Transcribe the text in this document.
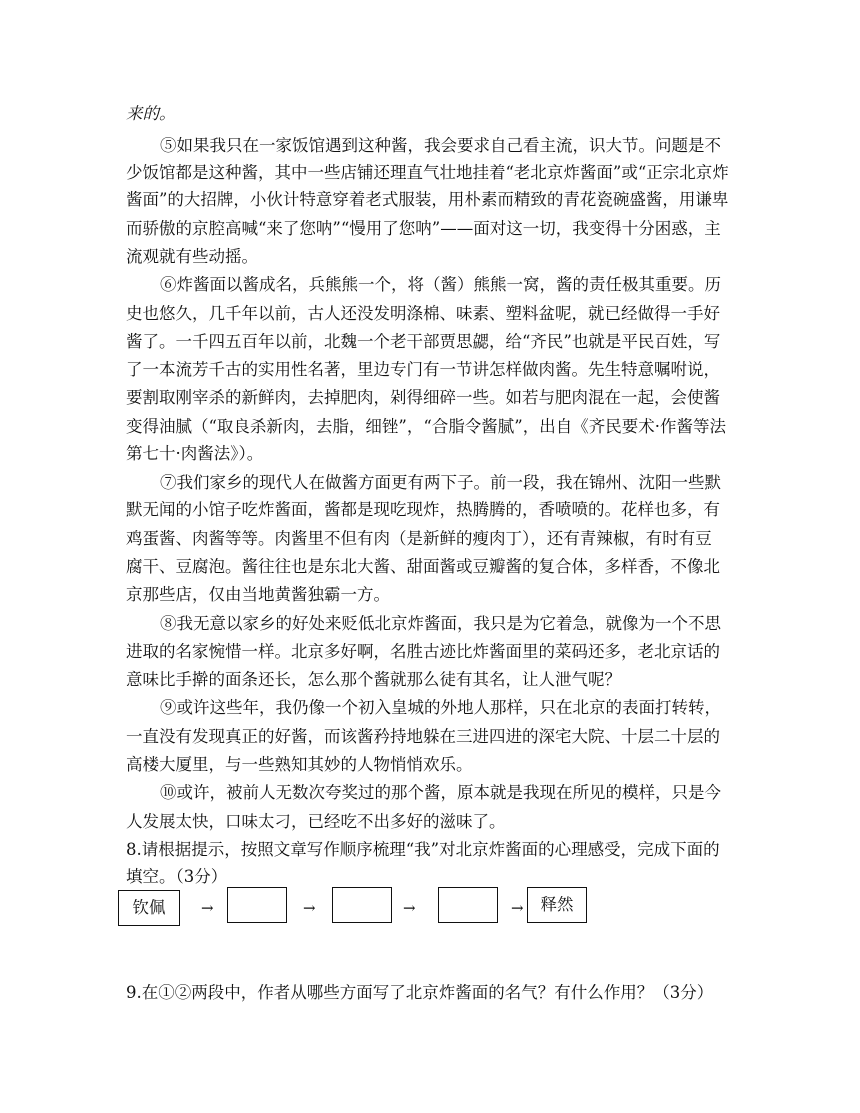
来的。
⑤如果我只在一家饭馆遇到这种酱，我会要求自己看主流，识大节。问题是不
少饭馆都是这种酱，其中一些店铺还理直气壮地挂着“老北京炸酱面”或“正宗北京炸
酱面”的大招牌，小伙计特意穿着老式服装，用朴素而精致的青花瓷碗盛酱，用谦卑
而骄傲的京腔高喊“来了您呐”“慢用了您呐”——面对这一切，我变得十分困惑，主
流观就有些动摇。
⑥炸酱面以酱成名，兵熊熊一个，将（酱）熊熊一窝，酱的责任极其重要。历
史也悠久，几千年以前，古人还没发明涤棉、味素、塑料盆呢，就已经做得一手好
酱了。一千四五百年以前，北魏一个老干部贾思勰，给“齐民”也就是平民百姓，写
了一本流芳千古的实用性名著，里边专门有一节讲怎样做肉酱。先生特意嘱咐说，
要割取刚宰杀的新鲜肉，去掉肥肉，剁得细碎一些。如若与肥肉混在一起，会使酱
变得油腻（“取良杀新肉，去脂，细锉”，“合脂令酱腻”，出自《齐民要术·作酱等法
第七十·肉酱法》）。
⑦我们家乡的现代人在做酱方面更有两下子。前一段，我在锦州、沈阳一些默
默无闻的小馆子吃炸酱面，酱都是现吃现炸，热腾腾的，香喷喷的。花样也多，有
鸡蛋酱、肉酱等等。肉酱里不但有肉（是新鲜的瘦肉丁），还有青辣椒，有时有豆
腐干、豆腐泡。酱往往也是东北大酱、甜面酱或豆瓣酱的复合体，多样香，不像北
京那些店，仅由当地黄酱独霸一方。
⑧我无意以家乡的好处来贬低北京炸酱面，我只是为它着急，就像为一个不思
进取的名家惋惜一样。北京多好啊，名胜古迹比炸酱面里的菜码还多，老北京话的
意味比手擀的面条还长，怎么那个酱就那么徒有其名，让人泄气呢？
⑨或许这些年，我仍像一个初入皇城的外地人那样，只在北京的表面打转转，
一直没有发现真正的好酱，而该酱矜持地躲在三进四进的深宅大院、十层二十层的
高楼大厦里，与一些熟知其妙的人物悄悄欢乐。
⑩或许，被前人无数次夸奖过的那个酱，原本就是我现在所见的模样，只是今
人发展太快，口味太刁，已经吃不出多好的滋味了。
8.请根据提示，按照文章写作顺序梳理“我”对北京炸酱面的心理感受，完成下面的
填空。（3分）
钦佩	→	→	→	→	释然
9.在①②两段中，作者从哪些方面写了北京炸酱面的名气？有什么作用？（3分）
